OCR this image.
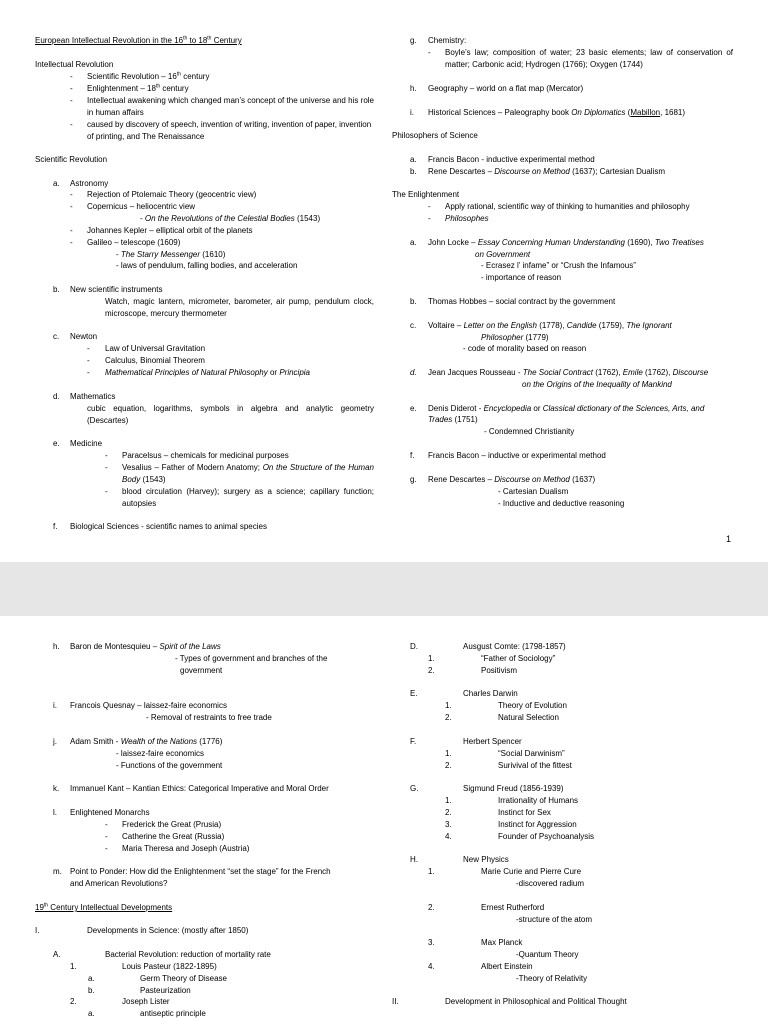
European Intellectual Revolution in the 16th to 18th Century
Intellectual Revolution
- Scientific Revolution – 16th century
- Enlightenment – 18th century
- Intellectual awakening which changed man’s concept of the universe and his role in human affairs
- caused by discovery of speech, invention of writing, invention of paper, invention of printing, and The Renaissance
Scientific Revolution
a. Astronomy
- Rejection of Ptolemaic Theory (geocentric view)
- Copernicus – heliocentric view
- On the Revolutions of the Celestial Bodies (1543)
- Johannes Kepler – elliptical orbit of the planets
- Galileo – telescope (1609)
- The Starry Messenger (1610)
- laws of pendulum, falling bodies, and acceleration
b. New scientific instruments
Watch, magic lantern, micrometer, barometer, air pump, pendulum clock, microscope, mercury thermometer
c. Newton
- Law of Universal Gravitation
- Calculus, Binomial Theorem
- Mathematical Principles of Natural Philosophy or Principia
d. Mathematics
cubic equation, logarithms, symbols in algebra and analytic geometry (Descartes)
e. Medicine
- Paracelsus – chemicals for medicinal purposes
- Vesalius – Father of Modern Anatomy; On the Structure of the Human Body (1543)
- blood circulation (Harvey); surgery as a science; capillary function; autopsies
f. Biological Sciences - scientific names to animal species
g. Chemistry:
- Boyle’s law; composition of water; 23 basic elements; law of conservation of matter; Carbonic acid; Hydrogen (1766); Oxygen (1744)
h. Geography – world on a flat map (Mercator)
i. Historical Sciences – Paleography book On Diplomatics (Mabillon, 1681)
Philosophers of Science
a. Francis Bacon - inductive experimental method
b. Rene Descartes – Discourse on Method (1637); Cartesian Dualism
The Enlightenment
- Apply rational, scientific way of thinking to humanities and philosophy
- Philosophes
a. John Locke – Essay Concerning Human Understanding (1690), Two Treatises
on Government
- Ecrasez l’ infame” or “Crush the Infamous”
- importance of reason
b. Thomas Hobbes – social contract by the government
c. Voltaire – Letter on the English (1778), Candide (1759), The Ignorant
Philosopher (1779)
- code of morality based on reason
d. Jean Jacques Rousseau - The Social Contract (1762), Emile (1762), Discourse
on the Origins of the Inequality of Mankind
e. Denis Diderot - Encyclopedia or Classical dictionary of the Sciences, Arts, and
Trades (1751)
- Condemned Christianity
f. Francis Bacon – inductive or experimental method
g. Rene Descartes – Discourse on Method (1637)
- Cartesian Dualism
- Inductive and deductive reasoning
1
h. Baron de Montesquieu – Spirit of the Laws
- Types of government and branches of the
government
i. Francois Quesnay – laissez-faire economics
- Removal of restraints to free trade
j. Adam Smith - Wealth of the Nations (1776)
- laissez-faire economics
- Functions of the government
k. Immanuel Kant – Kantian Ethics: Categorical Imperative and Moral Order
l. Enlightened Monarchs
- Frederick the Great (Prusia)
- Catherine the Great (Russia)
- Maria Theresa and Joseph (Austria)
m. Point to Ponder: How did the Enlightenment “set the stage” for the French
and American Revolutions?
19th Century Intellectual Developments
I.	Developments in Science: (mostly after 1850)
A.	Bacterial Revolution: reduction of mortality rate
1.	Louis Pasteur (1822-1895)
a.	Germ Theory of Disease
b.	Pasteurization
2.	Joseph Lister
a.	antiseptic principle
D.	Ausgust Comte: (1798-1857)
1.	“Father of Sociology”
2.	Positivism
E.	Charles Darwin
1.	Theory of Evolution
2.	Natural Selection
F.	Herbert Spencer
1.	“Social Darwinism”
2.	Surivival of the fittest
G.	Sigmund Freud (1856-1939)
1.	Irrationality of Humans
2.	Instinct for Sex
3.	Instinct for Aggression
4.	Founder of Psychoanalysis
H.	New Physics
1.	Marie Curie and Pierre Cure
-discovered radium
2.	Ernest Rutherford
-structure of the atom
3.	Max Planck
-Quantum Theory
4.	Albert Einstein
-Theory of Relativity
II.	Development in Philosophical and Political Thought
